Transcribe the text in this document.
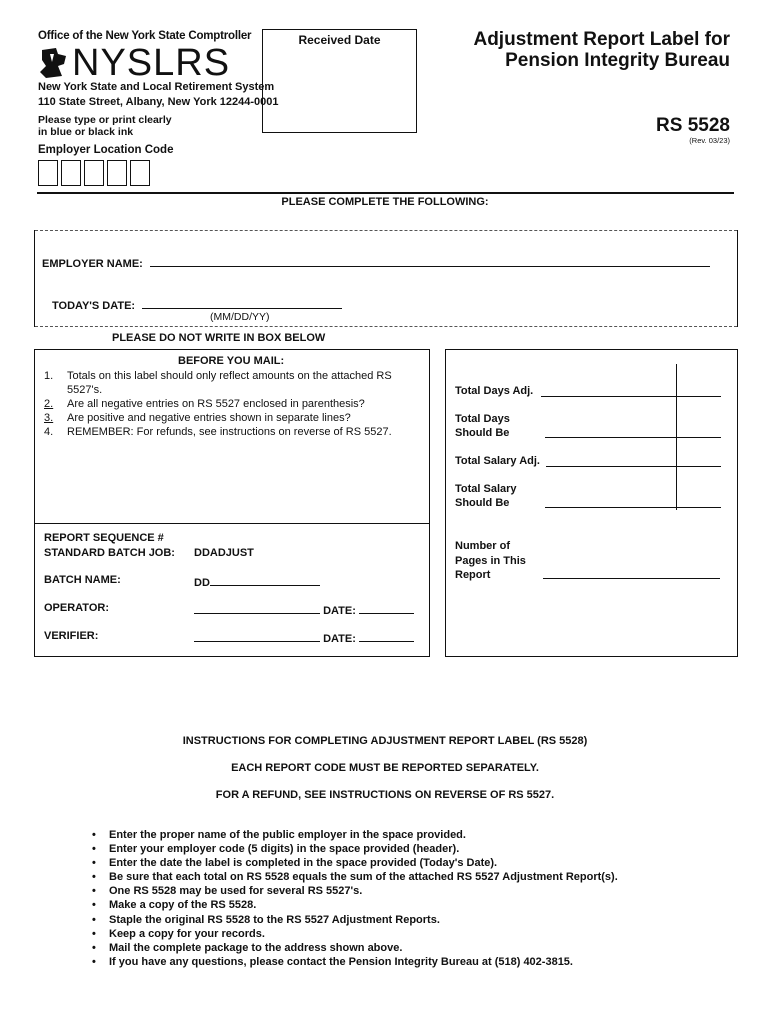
Office of the New York State Comptroller
NYSLRS
New York State and Local Retirement System
110 State Street, Albany, New York 12244-0001
Please type or print clearly
in blue or black ink
Employer Location Code
Received Date	Adjustment Report Label for
Pension Integrity Bureau
RS 5528
(Rev. 03/23)
PLEASE COMPLETE THE FOLLOWING:
EMPLOYER NAME:
TODAY'S DATE:
(MM/DD/YY)
PLEASE DO NOT WRITE IN BOX BELOW
BEFORE YOU MAIL:
1. Totals on this label should only reflect amounts on the attached RS 5527's.
2. Are all negative entries on RS 5527 enclosed in parenthesis?
3. Are positive and negative entries shown in separate lines?
4. REMEMBER: For refunds, see instructions on reverse of RS 5527.
REPORT SEQUENCE #
STANDARD BATCH JOB: DDADJUST
BATCH NAME:	DD
OPERATOR:	DATE:
VERIFIER:	DATE:
Total Days Adj.
Total Days
Should Be
Total Salary Adj.
Total Salary
Should Be
Number of
Pages in This
Report
INSTRUCTIONS FOR COMPLETING ADJUSTMENT REPORT LABEL (RS 5528)
EACH REPORT CODE MUST BE REPORTED SEPARATELY.
FOR A REFUND, SEE INSTRUCTIONS ON REVERSE OF RS 5527.
• Enter the proper name of the public employer in the space provided.
• Enter your employer code (5 digits) in the space provided (header).
• Enter the date the label is completed in the space provided (Today's Date).
• Be sure that each total on RS 5528 equals the sum of the attached RS 5527 Adjustment Report(s).
• One RS 5528 may be used for several RS 5527's.
• Make a copy of the RS 5528.
• Staple the original RS 5528 to the RS 5527 Adjustment Reports.
• Keep a copy for your records.
• Mail the complete package to the address shown above.
• If you have any questions, please contact the Pension Integrity Bureau at (518) 402-3815.
